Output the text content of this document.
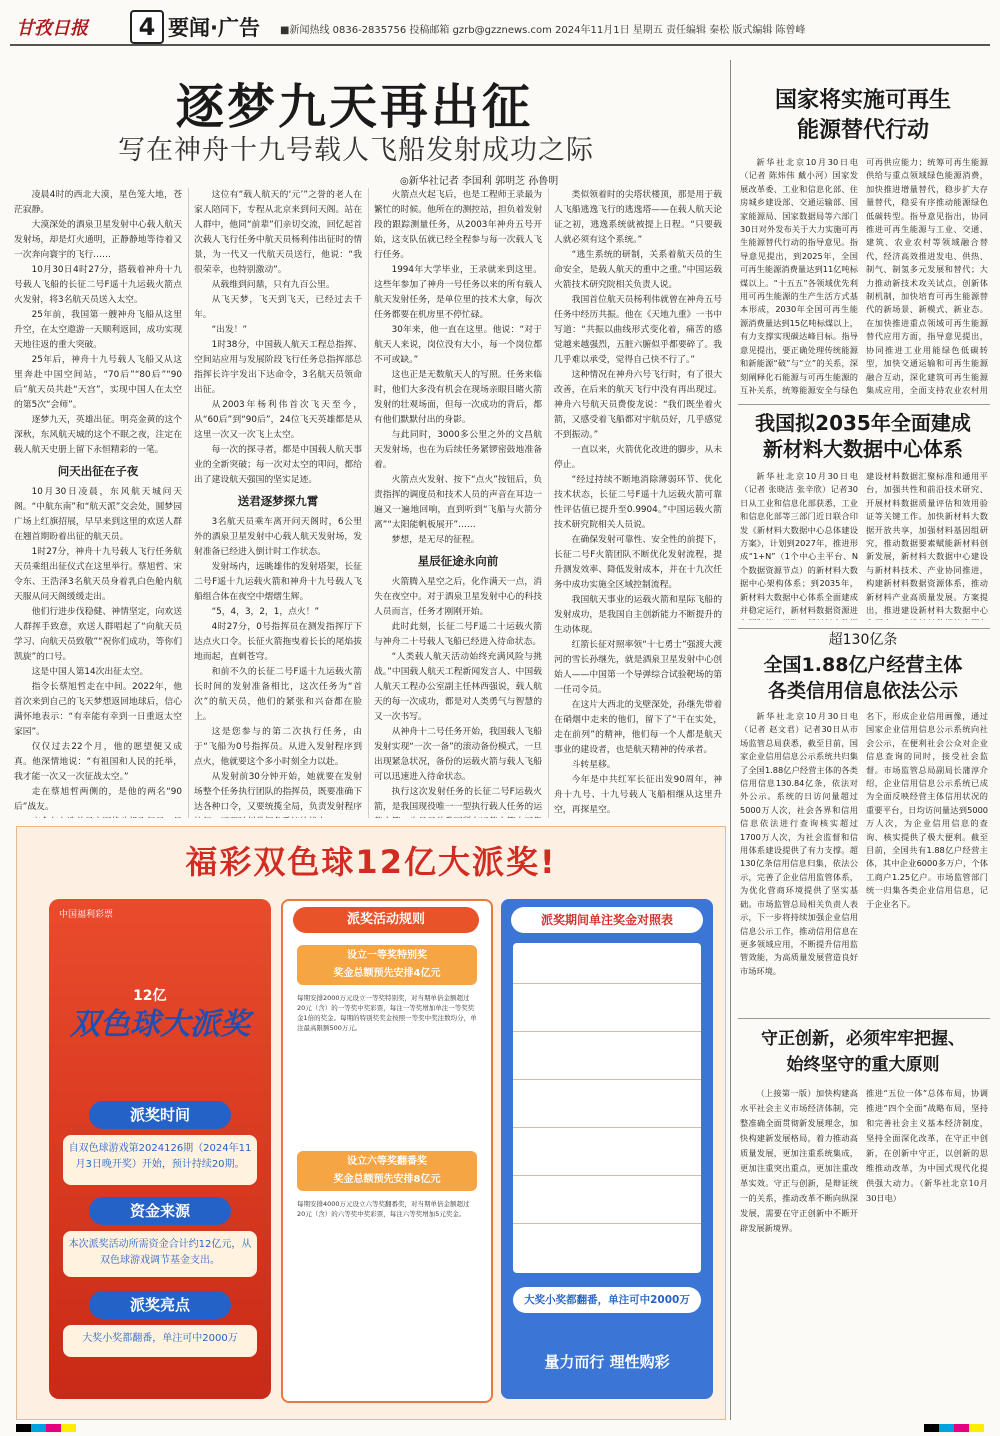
甘孜日报	4 要闻·广告 ■新闻热线 0836-2835756 投稿邮箱 gzrb@gzznews.com 2024年11月1日 星期五 责任编辑 秦松 版式编辑 陈曾峰
逐梦九天再出征
写在神舟十九号载人飞船发射成功之际
◎新华社记者 李国利 郭明芝 孙鲁明

凌晨4时的西北大漠，星色笼大地，苍茫寂静。

大漠深处的酒泉卫星发射中心载人航天发射场，却是灯火通明，正静静地等待着又一次奔向寰宇的飞行……

10月30日4时27分，搭载着神舟十九号载人飞船的长征二号F遥十九运载火箭点火发射，将3名航天员送入太空。

25年前，我国第一艘神舟飞船从这里升空，在太空遨游一天顺利返回，成功实现天地往返的重大突破。

25年后，神舟十九号载人飞船又从这里奔赴中国空间站，“70后”“80后”“90后”航天员共赴“天宫”，实现中国人在太空的第5次“会师”。

逐梦九天，英雄出征。明亮金黄的这个深秋，东风航天城的这个不眠之夜，注定在载人航天史册上留下永恒精彩的一笔。

问天出征在子夜

10月30日凌晨，东风航天城问天阁。“中航东南”和“航天派”交会处，圆梦园广场上红旗招展，早早来到这里的欢送人群在翘首期盼着出征的航天员。

1时27分，神舟十九号载人飞行任务航天员乘组出征仪式在这里举行。蔡旭哲、宋令东、王浩泽3名航天员身着乳白色舱内航天服从问天阁缓缓走出。

他们行进步伐稳健、神情坚定，向欢送人群挥手致意，欢送人群唱起了“向航天员学习、向航天员致敬”“祝你们成功，等你们凯旋”的口号。

这是中国人第14次出征太空。

指令长蔡旭哲走在中间。2022年，他首次来到自己的飞天梦想返回地球后，信心满怀地表示：“有幸能有幸到一日重返太空家园”。

仅仅过去22个月，他的愿望便又成真。他深情地说：“有祖国和人民的托举，我才能一次又一次征战太空。”

走在蔡旭哲两侧的，是他的两名“90后”战友。

这位有“载人航天的‘元’”之誉的老人在家人陪同下，专程从北京来到问天阁。站在人群中，他同“前辈”们亲切交流，回忆起首次载人飞行任务中航天员杨利伟出征时的情景，为一代又一代航天员送行，他说：“我很荣幸，也特别激动”。

从载维到问鼎，只有九百公里。

从飞天梦，飞天到飞天，已经过去千年。

“出发！”

1时38分，中国载人航天工程总指挥、空间站应用与发展阶段飞行任务总指挥部总指挥长许宇发出下达命令，3名航天员领命出征。

从2003年杨利伟首次飞天至今，从“60后”到“90后”，24位飞天英雄都是从这里一次又一次飞上太空。

每一次的探寻者，都是中国载人航天事业的全新突破；每一次对太空的叩问，都给出了建设航天强国的坚实足迹。

送君逐梦探九霄

3名航天员乘车离开问天阁时，6公里外的酒泉卫星发射中心载人航天发射场，发射准备已经进入倒计时工作状态。

发射场内，远眺雄伟的发射塔架，长征二号F遥十九运载火箭和神舟十九号载人飞船组合体在夜空中熠熠生辉。

“5，4，3，2，1，点火！”

4时27分，0号指挥员在测发指挥厅下达点火口令。长征火箭拖曳着长长的尾焰拔地而起，直刺苍穹。

和前不久的长征二号F遥十九运载火箭长时间的发射准备相比，这次任务为“首次”的航天员，他们的紧张和兴奋都在脸上。

这是您参与的第二次执行任务，由于“飞船为0号指挥员。从进入发射程序到点火，他就要这个多小时刻全力以赴。

从发射前30分钟开始，她就要在发射场整个任务执行团队的指挥员，既要准确下达各种口令，又要统揽全局，负责发射程序

火箭点火起飞后，也是工程师王录最为繁忙的时候。他所在的测控站，担负着发射段的跟踪测量任务，从2003年神舟五号开始，这支队伍就已经全程参与每一次载人飞行任务。

1994年大学毕业，王录就来到这里。这些年参加了神舟一号任务以来的所有载人航天发射任务，是单位里的技术大拿，每次任务都要在机房里不停忙碌。

30年来，他一直在这里。他说：“对于航天人来说，岗位没有大小，每一个岗位都不可或缺。”

这也正是无数航天人的写照。任务来临时，他们大多没有机会在现场亲眼目睹火箭发射的壮观场面，但每一次成功的背后，都有他们默默付出的身影。

与此同时，3000多公里之外的文昌航天发射场，也在为后续任务紧锣密鼓地准备着。

火箭点火发射、按下“点火”按钮后，负责指挥的调度员和技术人员的声音在耳边一遍又一遍地回响，直到听到“飞船与火箭分离”“太阳能帆板展开”……

梦想，是无尽的征程。

星辰征途永向前

火箭腾入星空之后，化作满天一点，消失在夜空中。对于酒泉卫星发射中心的科技人员而言，任务才刚刚开始。

此时此刻，长征二号F遥二十运载火箭与神舟二十号载人飞船已经进入待命状态。

“人类载人航天活动始终充满风险与挑战。”中国载人航天工程新闻发言人、中国载人航天工程办公室副主任林西强说，载人航天的每一次成功，都是对人类勇气与智慧的又一次书写。

从神舟十二号任务开始，我国载人飞船发射实现“一次一备”的滚动备份模式，一旦出现紧急状况，备份的运载火箭与载人飞船可以迅速进入待命状态。

执行这次发射任务的长征二号F运载火箭，是我国现役唯一一型执行载人任务的运

类似领着时的尖塔状楼顶，那是用于载人飞船逃逸飞行的逃逸塔——在载人航天论证之初，逃逸系统就被提上日程。“只要载人就必须有这个系统。”

“逃生系统的研制，关系着航天员的生命安全，是载人航天的重中之重。”中国运载火箭技术研究院相关负责人说。

我国首位航天员杨利伟就曾在神舟五号任务中经历共振。他在《天地九重》一书中写道：“共振以曲线形式变化着，痛苦的感觉越来越强烈，五脏六腑似乎都要碎了。我几乎难以承受，觉得自己快不行了。”

这种情况在神舟六号飞行时，有了很大改善，在后来的航天飞行中没有再出现过。神舟六号航天员费俊龙说：“我们既坐着火箭，又感受着飞船都对宇航员好，几乎感觉不到振动。”

一直以来，火箭优化改进的脚步，从未停止。

“经过持续不断地消除薄弱环节、优化技术状态，长征二号F遥十九运载火箭可靠性评估值已提升至0.9904。”中国运载火箭技术研究院相关人员说。

在确保发射可靠性、安全性的前提下，长征二号F火箭团队不断优化发射流程，提升测发效率、降低发射成本，并在十九次任务中成功实施全区域控制流程。

我国航天事业的运载火箭和星际飞船的发射成功，是我国自主创新能力不断提升的生动体现。

红箭长征对照率领“十七勇士”强渡大渡河的雪长孙继先，就是酒泉卫星发射中心创始人——中国第一个导弹综合试验靶场的第一任司令员。

在这片大西北的戈壁深处，孙继先带着在硝烟中走来的他们，留下了“干在实处，走在前列”的精神，他们每一个人都是航天事业的建设者，也是航天精神的传承者。

斗转星移。

今年是中共红军长征出发90周年，神舟十九号、十九号载人飞船相继从这里升空，再探星空。

国家将实施可再生
能源替代行动

新华社北京10月30日电（记者 陈炜伟 戴小河）国家发展改革委、工业和信息化部、住房城乡建设部、交通运输部、国家能源局、国家数据局等六部门30日对外发布关于大力实施可再生能源替代行动的指导意见。指导意见提出，到2025年，全国可再生能源消费量达到11亿吨标煤以上。“十五五”各领域优先利用可再生能源的生产生活方式基本形成，2030年全国可再生能源消费量达到15亿吨标煤以上，有力支撑实现碳达峰目标。指导意见提出，要正确处理传统能源和新能源“破”与“立”的关系，深刻阐释化石能源与可再生能源的互补关系，统筹能源安全与绿色

可再供应能力；统筹可再生能源供给与重点领域绿色能源消费，加快推进增量替代，稳步扩大存量替代，稳妥有序推动能源绿色低碳转型。指导意见指出，协同推进可再生能源与工业、交通、建筑、农业农村等领域融合替代，经济高效推进发电、供热、制气、制氢多元发展和替代；大力推动新技术攻关试点，创新体制机制，加快培育可再生能源替代的新场景、新模式、新业态。在加快推进重点领域可再生能源替代应用方面，指导意见提出，协同推进工业用能绿色低碳转型，加快交通运输和可再生能源融合互动，深化建筑可再生能源集成应用，全面支持农业农村用

我国拟2035年全面建成
新材料大数据中心体系

新华社北京10月30日电（记者 张晓洁 张辛欣）记者30日从工业和信息化部获悉，工业和信息化部等三部门近日联合印发《新材料大数据中心总体建设方案》，计划到2027年，推进形成“1+N”（1个中心主平台、N个数据资源节点）的新材料大数据中心架构体系；到2035年，新材料大数据中心体系全面建成并稳定运行，新材料数据资源进

建设材料数据汇聚标准和通用平台，加强共性和前沿技术研究、开展材料数据质量评估和效用验证等关键工作。加快新材料大数据开放共享，加强材料基因组研究，推动数据要素赋能新材料创新发展，新材料大数据中心建设与新材料技术、产业协同推进，构建新材料数据资源体系，推动新材料产业高质量发展。方案提出，推进建设新材料大数据中心

超130亿条
全国1.88亿户经营主体
各类信用信息依法公示

新华社北京10月30日电（记者 赵文君）记者30日从市场监管总局获悉，截至目前，国家企业信用信息公示系统共归集了全国1.88亿户经营主体的各类信用信息130.84亿条，依法对外公示。系统的日访问量超过5000万人次，社会各界和信用信息依法进行查询核实超过1700万人次，为社会监督和信用体系建设提供了有力支撑。超130亿条信用信息归集，依法公示，完善了企业信用监管体系，为优化营商环境提供了坚实基础。市场监管总局相关负责人表示，下一步将持续加强企业信用信息公示工作，推动信用信息在更多领域应用，不断提升信用监管效能，为高质量发展营造良好市场环境。

名下，形成企业信用画像，通过国家企业信用信息公示系统向社会公示，在便利社会公众对企业信息查询的同时，接受社会监督。市场监管总局副局长蒲淳介绍，企业信用信息公示系统已成为全面反映经营主体信用状况的重要平台，日均访问量达到5000万人次，为企业信用信息的查询、核实提供了极大便利。截至目前，全国共有1.88亿户经营主体，其中企业6000多万户，个体工商户1.25亿户。市场监管部门统一归集各类企业信用信息，记于企业名下。

守正创新，必须牢牢把握、
始终坚守的重大原则

（上接第一版）加快构建高水平社会主义市场经济体制，完整准确全面贯彻新发展理念，加快构建新发展格局，着力推动高质量发展，更加注重系统集成，更加注重突出重点，更加注重改革实效。守正与创新，是辩证统一的关系，推动改革不断向纵深发展，需要在守正创新中不断开辟发展新境界。

推进“五位一体”总体布局，协调推进“四个全面”战略布局，坚持和完善社会主义基本经济制度，坚持全面深化改革，在守正中创新，在创新中守正，以创新的思维推动改革，为中国式现代化提供强大动力。（新华社北京10月30日电）

福彩双色球12亿大派奖!
中国福利彩票
12亿
双色球大派奖
派奖时间
自双色球游戏第2024126期（2024年11月3日晚开奖）开始，预计持续20期。
资金来源
本次派奖活动所需资金合计约12亿元，从双色球游戏调节基金支出。
派奖亮点
大奖小奖都翻番，单注可中2000万
派奖活动规则
设立一等奖特别奖
奖金总额预先安排4亿元
每期安排2000万元设立一等奖特别奖，对当期单倍金额超过20元（含）的一等奖中奖彩票，每注一等奖增加单注一等奖奖金1倍的奖金。每期的特别奖奖金按照一等奖中奖注数均分，单注最高限额500万元。
设立六等奖翻番奖
奖金总额预先安排8亿元
每期安排4000万元设立六等奖翻番奖，对当期单倍金额超过20元（含）的六等奖中奖彩票，每注六等奖增加5元奖金。
派奖期间单注奖金对照表
大奖小奖都翻番，单注可中2000万
量力而行 理性购彩
